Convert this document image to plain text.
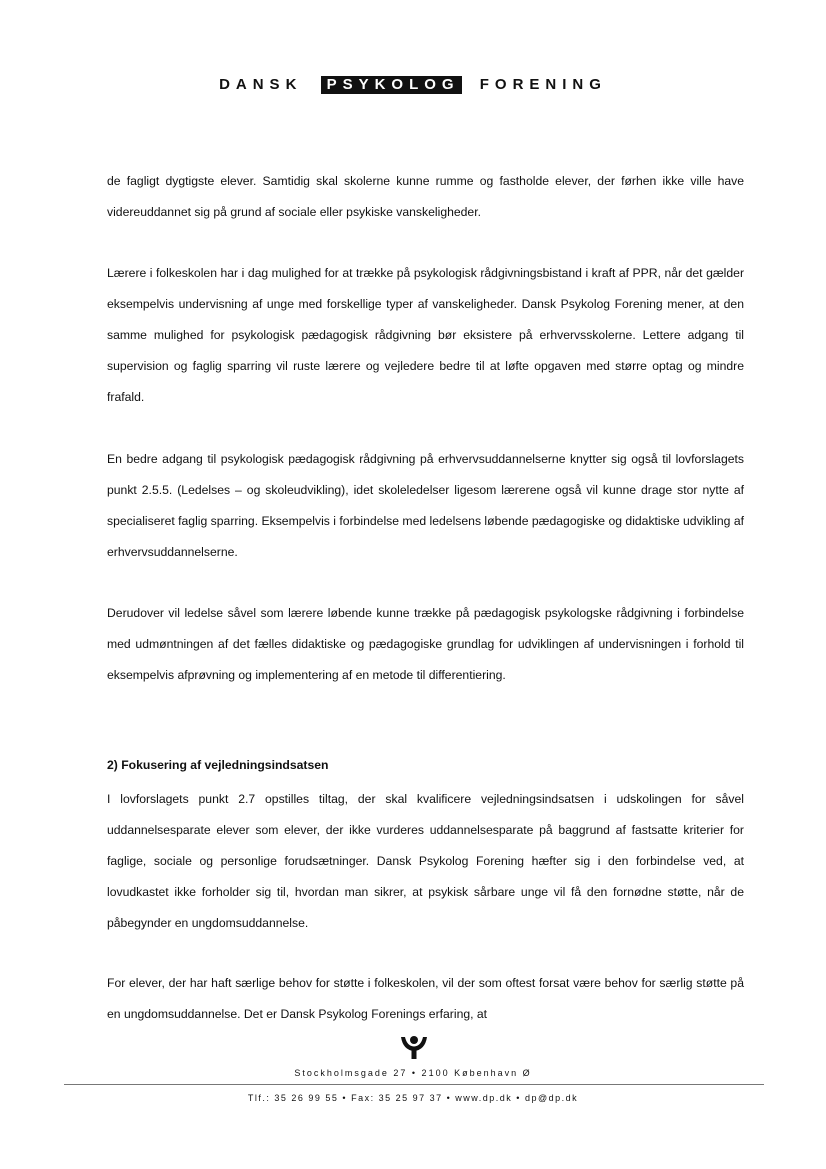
DANSK PSYKOLOG FORENING

de fagligt dygtigste elever. Samtidig skal skolerne kunne rumme og fastholde elever, der førhen ikke ville have videreuddannet sig på grund af sociale eller psykiske vanskeligheder.

Lærere i folkeskolen har i dag mulighed for at trække på psykologisk rådgivningsbistand i kraft af PPR, når det gælder eksempelvis undervisning af unge med forskellige typer af vanskeligheder. Dansk Psykolog Forening mener, at den samme mulighed for psykologisk pædagogisk rådgivning bør eksistere på erhvervsskolerne. Lettere adgang til supervision og faglig sparring vil ruste lærere og vejledere bedre til at løfte opgaven med større optag og mindre frafald.

En bedre adgang til psykologisk pædagogisk rådgivning på erhvervsuddannelserne knytter sig også til lovforslagets punkt 2.5.5. (Ledelses – og skoleudvikling), idet skoleledelser ligesom lærerene også vil kunne drage stor nytte af specialiseret faglig sparring. Eksempelvis i forbindelse med ledelsens løbende pædagogiske og didaktiske udvikling af erhvervsuddannelserne.

Derudover vil ledelse såvel som lærere løbende kunne trække på pædagogisk psykologske rådgivning i forbindelse med udmøntningen af det fælles didaktiske og pædagogiske grundlag for udviklingen af undervisningen i forhold til eksempelvis afprøvning og implementering af en metode til differentiering.

2) Fokusering af vejledningsindsatsen

I lovforslagets punkt 2.7 opstilles tiltag, der skal kvalificere vejledningsindsatsen i udskolingen for såvel uddannelsesparate elever som elever, der ikke vurderes uddannelsesparate på baggrund af fastsatte kriterier for faglige, sociale og personlige forudsætninger. Dansk Psykolog Forening hæfter sig i den forbindelse ved, at lovudkastet ikke forholder sig til, hvordan man sikrer, at psykisk sårbare unge vil få den fornødne støtte, når de påbegynder en ungdomsuddannelse.

For elever, der har haft særlige behov for støtte i folkeskolen, vil der som oftest forsat være behov for særlig støtte på en ungdomsuddannelse. Det er Dansk Psykolog Forenings erfaring, at

Stockholmsgade 27 • 2100 København Ø
Tlf.: 35 26 99 55 • Fax: 35 25 97 37 • www.dp.dk • dp@dp.dk
